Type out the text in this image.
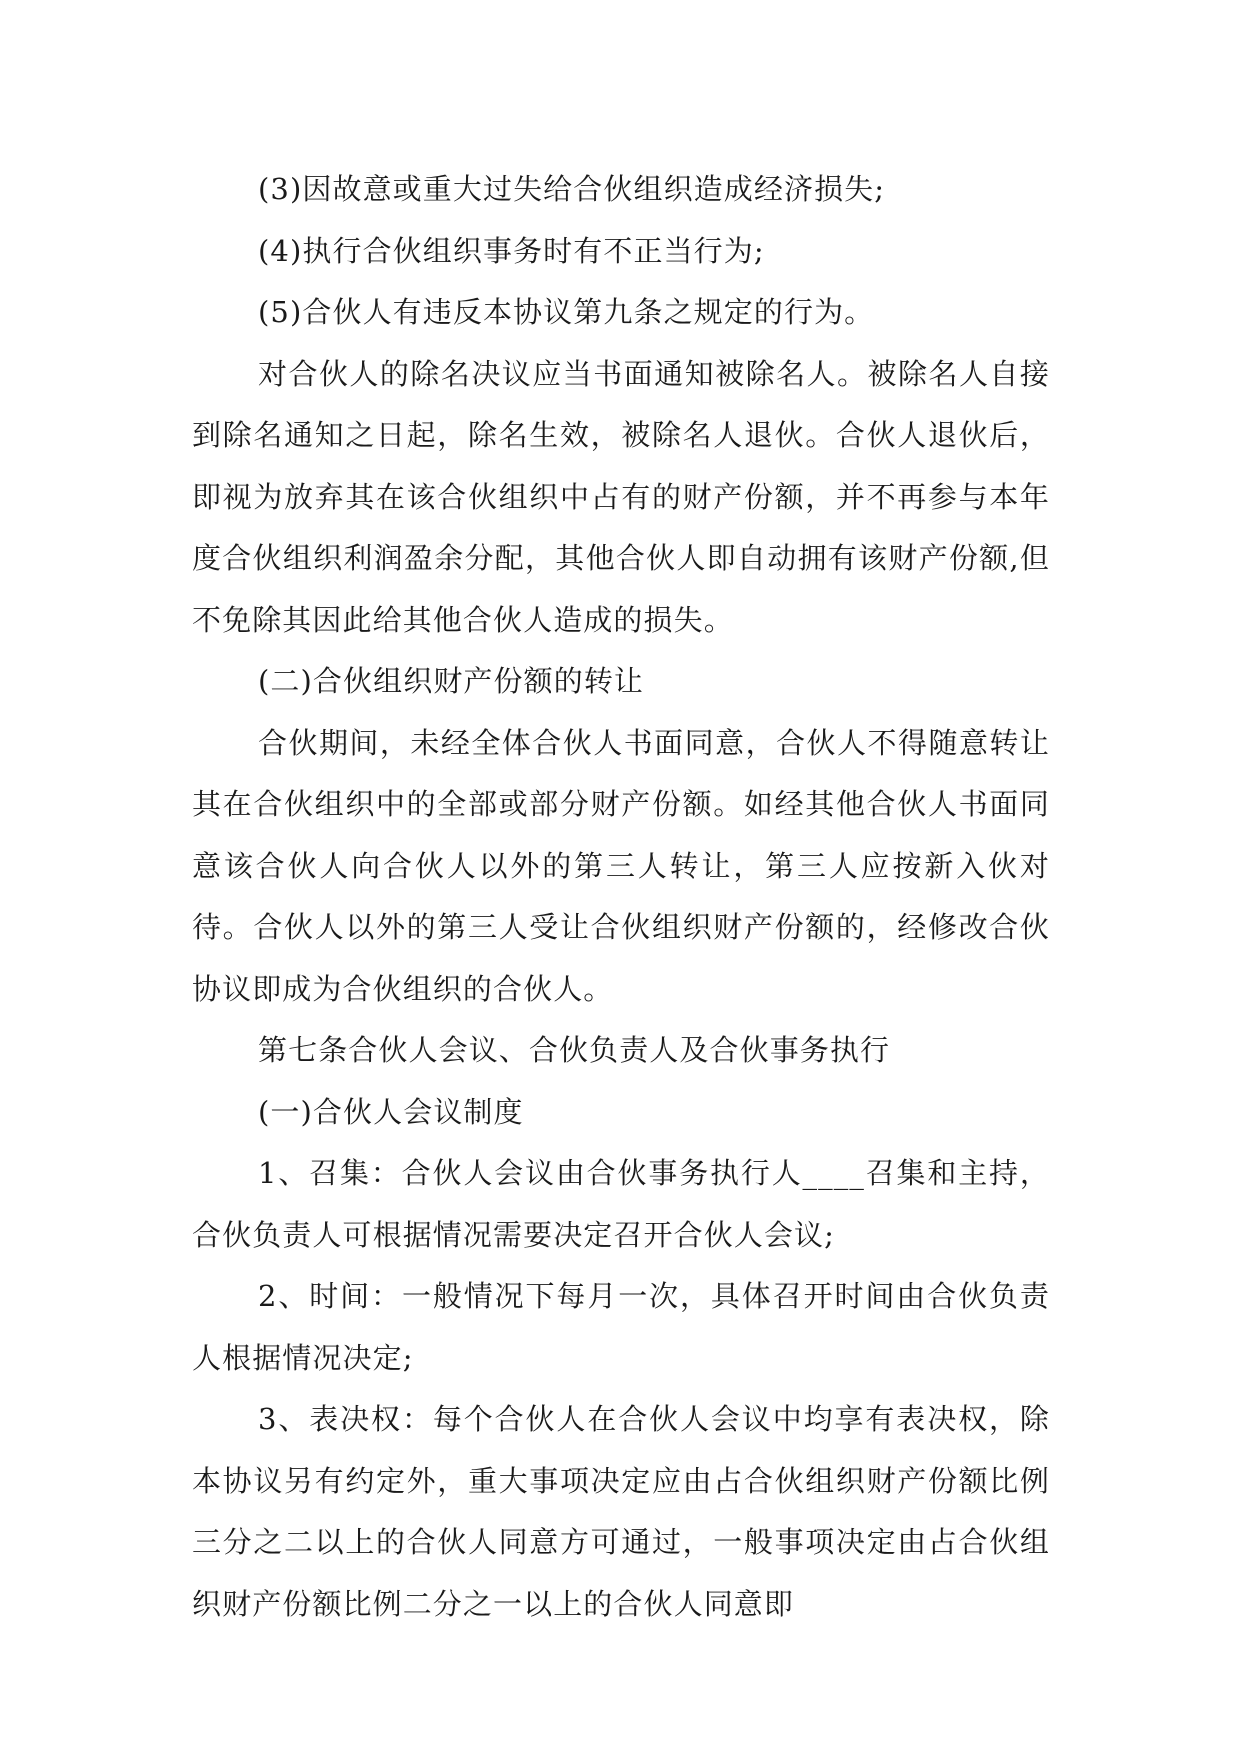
(3)因故意或重大过失给合伙组织造成经济损失;

(4)执行合伙组织事务时有不正当行为;

(5)合伙人有违反本协议第九条之规定的行为。

对合伙人的除名决议应当书面通知被除名人。被除名人自接到除名通知之日起，除名生效，被除名人退伙。合伙人退伙后，即视为放弃其在该合伙组织中占有的财产份额，并不再参与本年度合伙组织利润盈余分配，其他合伙人即自动拥有该财产份额,但不免除其因此给其他合伙人造成的损失。

(二)合伙组织财产份额的转让

合伙期间，未经全体合伙人书面同意，合伙人不得随意转让其在合伙组织中的全部或部分财产份额。如经其他合伙人书面同意该合伙人向合伙人以外的第三人转让，第三人应按新入伙对待。合伙人以外的第三人受让合伙组织财产份额的，经修改合伙协议即成为合伙组织的合伙人。

第七条合伙人会议、合伙负责人及合伙事务执行

(一)合伙人会议制度

1、召集：合伙人会议由合伙事务执行人____召集和主持，合伙负责人可根据情况需要决定召开合伙人会议;

2、时间：一般情况下每月一次，具体召开时间由合伙负责人根据情况决定;

3、表决权：每个合伙人在合伙人会议中均享有表决权，除本协议另有约定外，重大事项决定应由占合伙组织财产份额比例三分之二以上的合伙人同意方可通过，一般事项决定由占合伙组织财产份额比例二分之一以上的合伙人同意即
